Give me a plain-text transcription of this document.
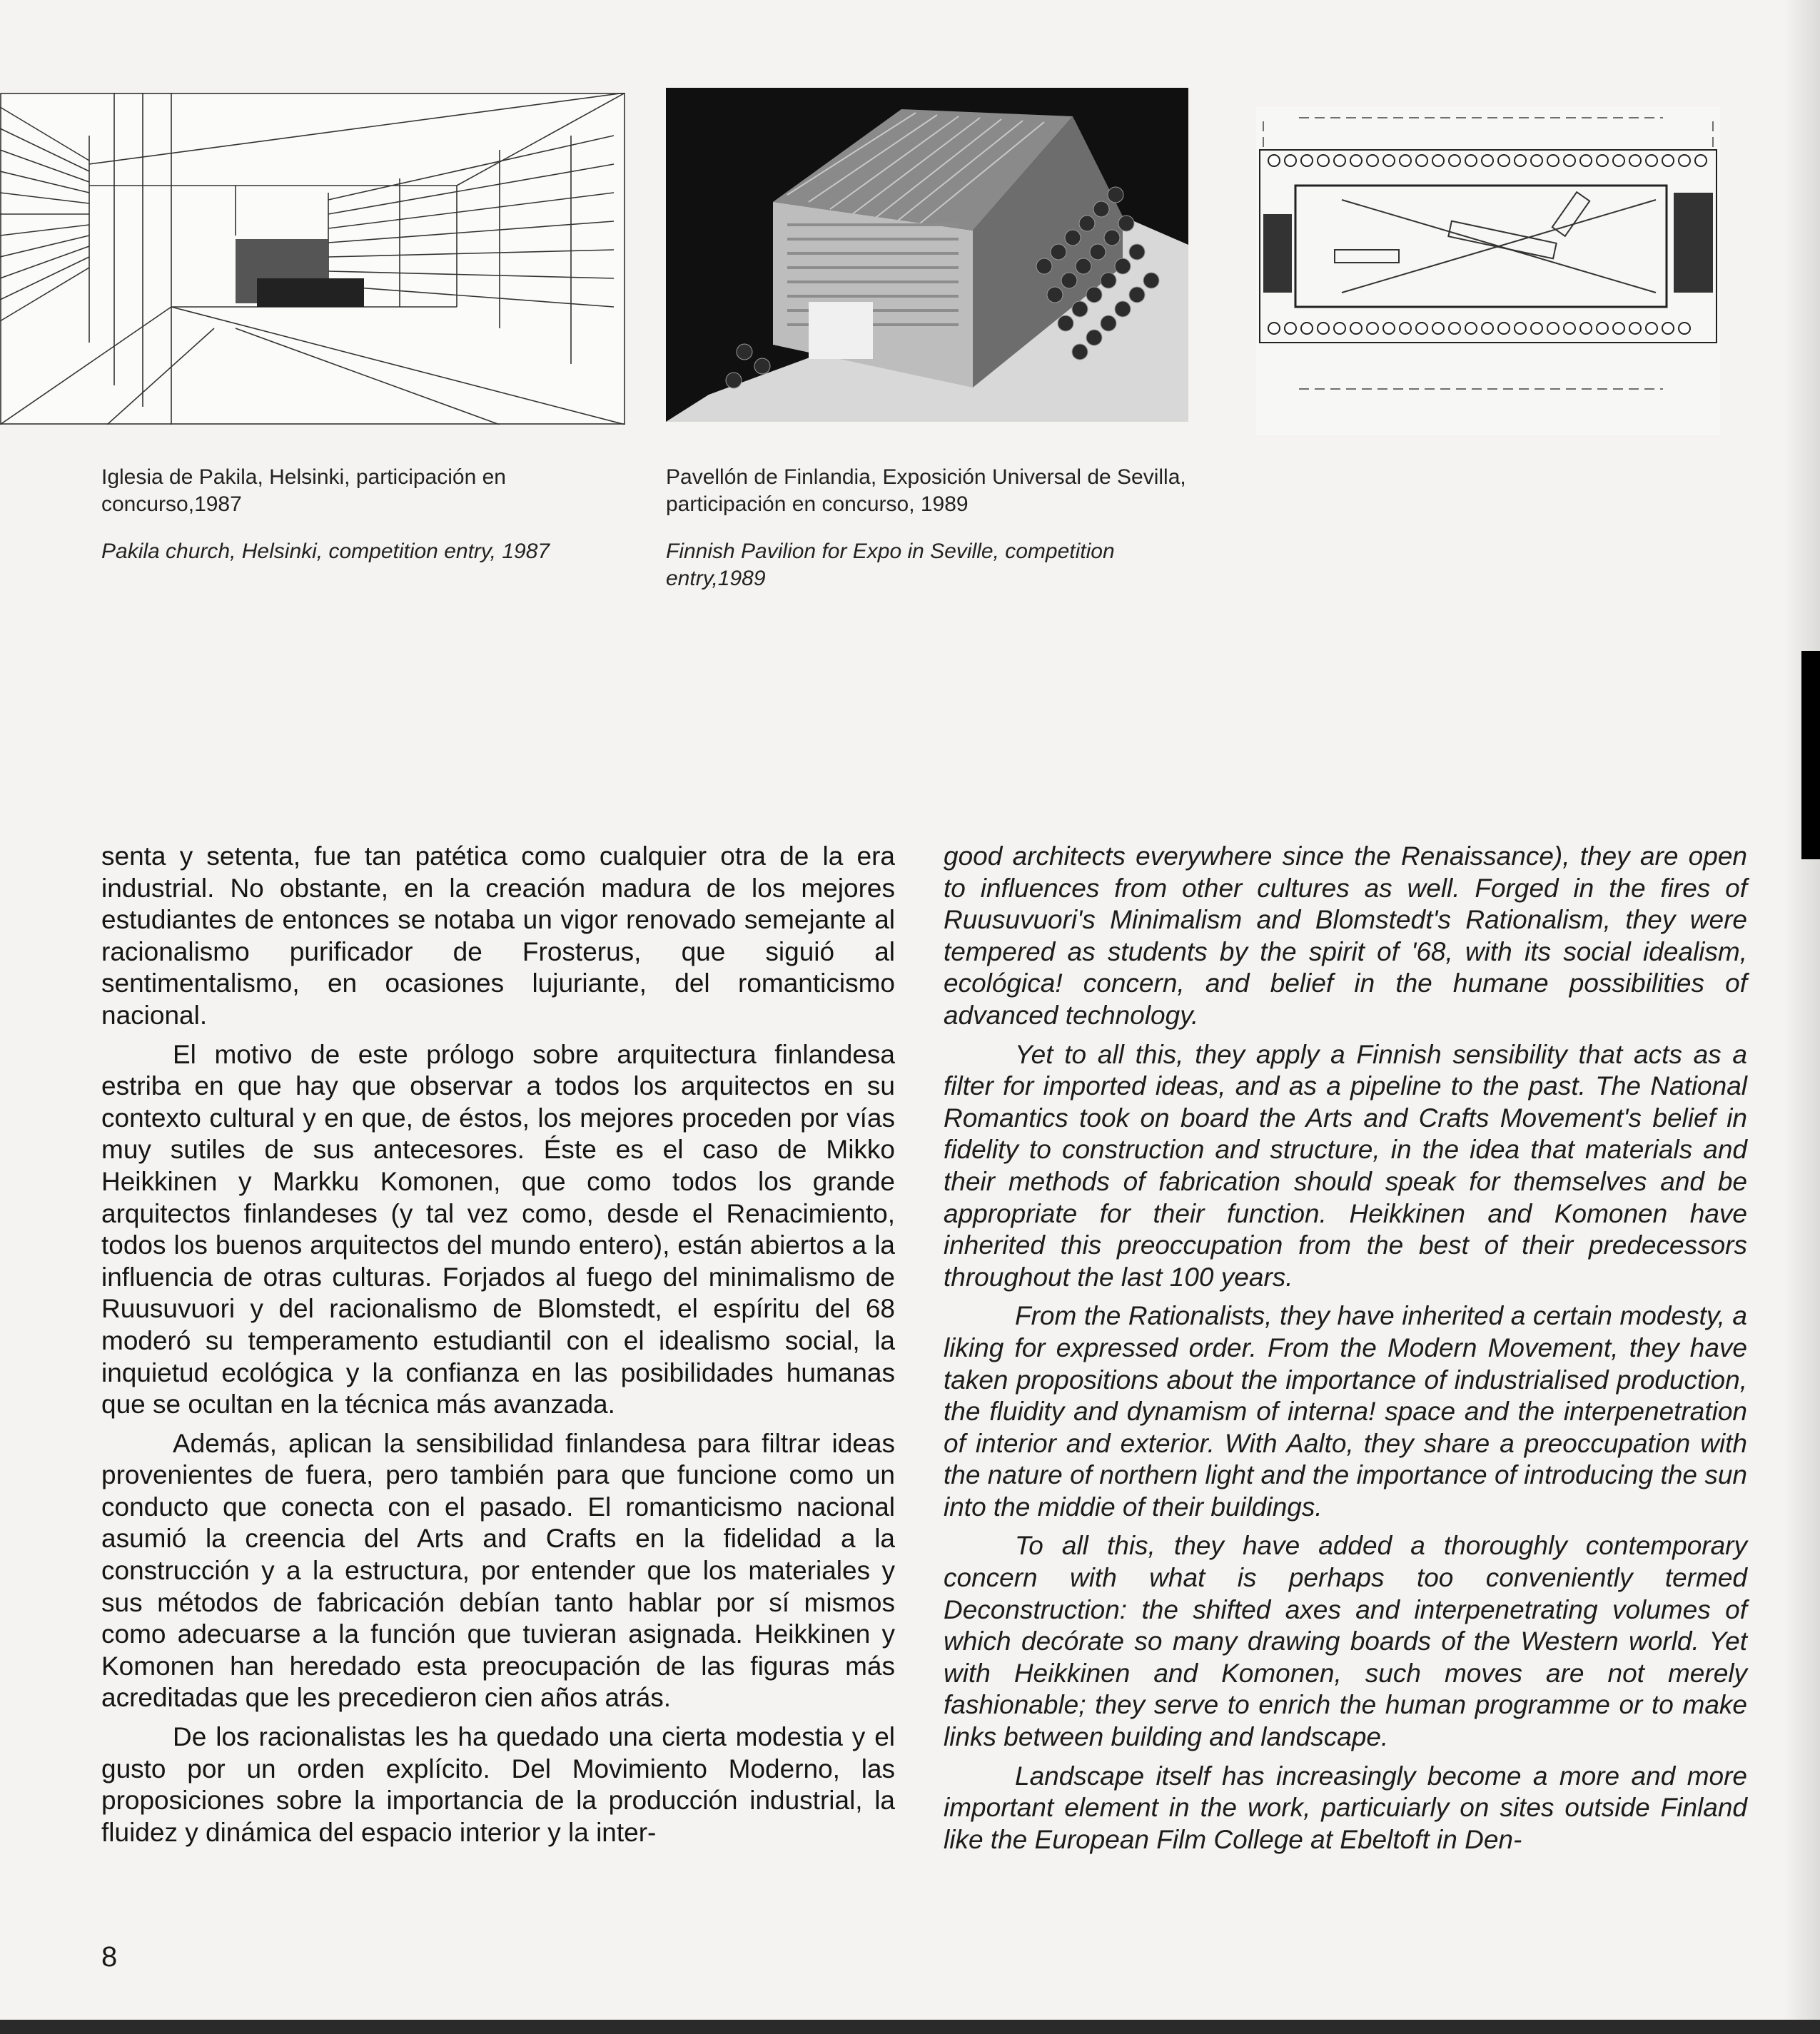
Iglesia de Pakila, Helsinki, participación en concurso,1987

Pakila church, Helsinki, competition entry, 1987

Pavellón de Finlandia, Exposición Universal de Sevilla, participación en concurso, 1989

Finnish Pavilion for Expo in Seville, competition entry,1989

senta y setenta, fue tan patética como cualquier otra de la era industrial. No obstante, en la creación madura de los mejores estudiantes de entonces se notaba un vigor renovado semejante al racionalismo purificador de Frosterus, que siguió al sentimentalismo, en ocasiones lujuriante, del romanticismo nacional.

El motivo de este prólogo sobre arquitectura finlandesa estriba en que hay que observar a todos los arquitectos en su contexto cultural y en que, de éstos, los mejores proceden por vías muy sutiles de sus antecesores. Éste es el caso de Mikko Heikkinen y Markku Komonen, que como todos los grande arquitectos finlandeses (y tal vez como, desde el Renacimiento, todos los buenos arquitectos del mundo entero), están abiertos a la influencia de otras culturas. Forjados al fuego del minimalismo de Ruusuvuori y del racionalismo de Blomstedt, el espíritu del 68 moderó su temperamento estudiantil con el idealismo social, la inquietud ecológica y la confianza en las posibilidades humanas que se ocultan en la técnica más avanzada.

Además, aplican la sensibilidad finlandesa para filtrar ideas provenientes de fuera, pero también para que funcione como un conducto que conecta con el pasado. El romanticismo nacional asumió la creencia del Arts and Crafts en la fidelidad a la construcción y a la estructura, por entender que los materiales y sus métodos de fabricación debían tanto hablar por sí mismos como adecuarse a la función que tuvieran asignada. Heikkinen y Komonen han heredado esta preocupación de las figuras más acreditadas que les precedieron cien años atrás.

De los racionalistas les ha quedado una cierta modestia y el gusto por un orden explícito. Del Movimiento Moderno, las proposiciones sobre la importancia de la producción industrial, la fluidez y dinámica del espacio interior y la inter-

good architects everywhere since the Renaissance), they are open to influences from other cultures as well. Forged in the fires of Ruusuvuori's Minimalism and Blomstedt's Rationalism, they were tempered as students by the spirit of '68, with its social idealism, ecológica! concern, and belief in the humane possibilities of advanced technology.

Yet to all this, they apply a Finnish sensibility that acts as a filter for imported ideas, and as a pipeline to the past. The National Romantics took on board the Arts and Crafts Movement's belief in fidelity to construction and structure, in the idea that materials and their methods of fabrication should speak for themselves and be appropriate for their function. Heikkinen and Komonen have inherited this preoccupation from the best of their predecessors throughout the last 100 years.

From the Rationalists, they have inherited a certain modesty, a liking for expressed order. From the Modern Movement, they have taken propositions about the importance of industrialised production, the fluidity and dynamism of interna! space and the interpenetration of interior and exterior. With Aalto, they share a preoccupation with the nature of northern light and the importance of introducing the sun into the middie of their buildings.

To all this, they have added a thoroughly contemporary concern with what is perhaps too conveniently termed Deconstruction: the shifted axes and interpenetrating volumes of which decórate so many drawing boards of the Western world. Yet with Heikkinen and Komonen, such moves are not merely fashionable; they serve to enrich the human programme or to make links between building and landscape.

Landscape itself has increasingly become a more and more important element in the work, particuiarly on sites outside Finland like the European Film College at Ebeltoft in Den-

8
